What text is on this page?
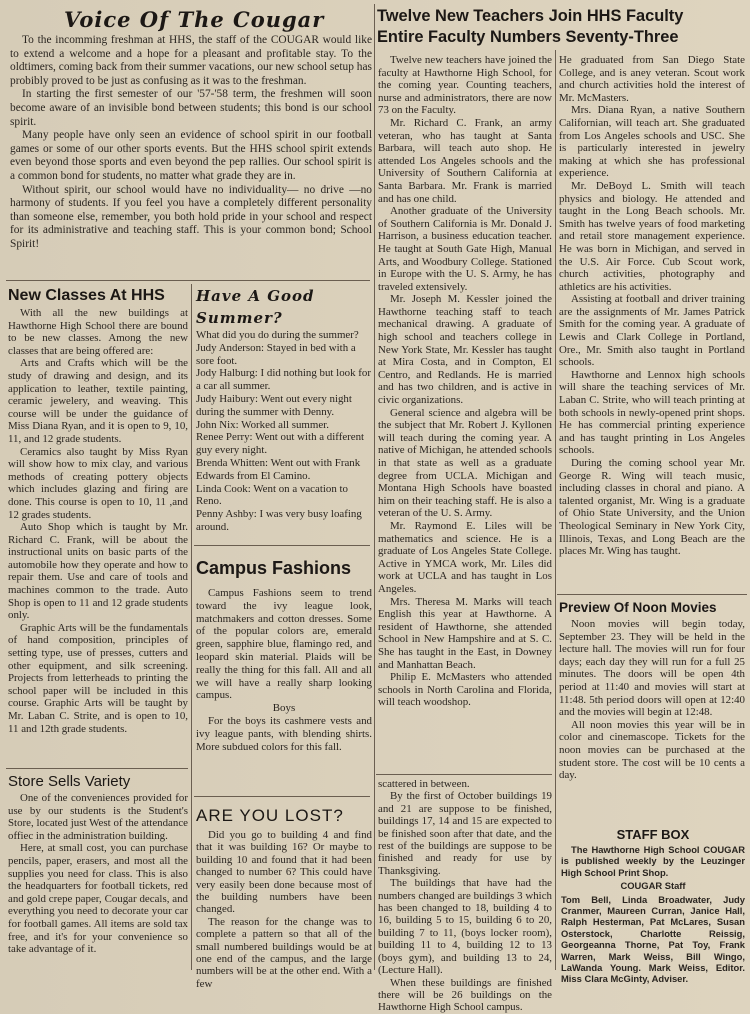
Voice Of The Cougar

To the incomming freshman at HHS, the staff of the COUGAR would like to extend a welcome and a hope for a pleasant and profitable stay. To the oldtimers, coming back from their summer vacations, our new school setup has probibly proved to be just as confusing as it was to the freshman.

In starting the first semester of our '57-'58 term, the freshmen will soon become aware of an invisible bond between students; this bond is our school spirit.

Many people have only seen an evidence of school spirit in our football games or some of our other sports events. But the HHS school spirit extends even beyond those sports and even beyond the pep rallies. Our school spirit is a common bond for students, no matter what grade they are in.

Without spirit, our school would have no individuality— no drive —no harmony of students. If you feel you have a completely different personality than someone else, remember, you both hold pride in your school and respect for its administrative and teaching staff. This is your common bond; School Spirit!

New Classes At HHS

With all the new buildings at Hawthorne High School there are bound to be new classes. Among the new classes that are being offered are:

Arts and Crafts which will be the study of drawing and design, and its application to leather, textile painting, ceramic jewelery, and weaving. This course will be under the guidance of Miss Diana Ryan, and it is open to 9, 10, 11, and 12 grade students.

Ceramics also taught by Miss Ryan will show how to mix clay, and various methods of creating pottery objects which includes glazing and firing are done. This course is open to 10, 11 ,and 12 grades students.

Auto Shop which is taught by Mr. Richard C. Frank, will be about the instructional units on basic parts of the automobile how they operate and how to repair them. Use and care of tools and machines common to the trade. Auto Shop is open to 11 and 12 grade students only.

Graphic Arts will be the fundamentals of hand composition, principles of setting type, use of presses, cutters and other equipment, and silk screening. Projects from letterheads to printing the school paper will be included in this course. Graphic Arts will be taught by Mr. Laban C. Strite, and is open to 10, 11 and 12th grade students.

Store Sells Variety

One of the conveniences provided for use by our students is the Student's Store, located just West of the attendance offiec in the administration building.

Here, at small cost, you can purchase pencils, paper, erasers, and most all the supplies you need for class. This is also the headquarters for football tickets, red and gold crepe paper, Cougar decals, and everything you need to decorate your car for football games. All items are sold tax free, and it's for your convenience so take advantage of it.

Have A Good Summer?
What did you do during the summer?
Judy Anderson: Stayed in bed with a sore foot.
Jody Halburg: I did nothing but look for a car all summer.
Judy Haibury: Went out every night during the summer with Denny.
John Nix: Worked all summer.
Renee Perry: Went out with a different guy every night.
Brenda Whitten: Went out with Frank Edwards from El Camino.
Linda Cook: Went on a vacation to Reno.
Penny Ashby: I was very busy loafing around.
Campus Fashions

Campus Fashions seem to trend toward the ivy league look, matchmakers and cotton dresses. Some of the popular colors are, emerald green, sapphire blue, flamingo red, and leopard skin material. Plaids will be really the thing for this fall. All and all we will have a really sharp looking campus.

Boys

For the boys its cashmere vests and ivy league pants, with blending shirts. More subdued colors for this fall.

ARE YOU LOST?

Did you go to building 4 and find that it was building 16? Or maybe to building 10 and found that it had been changed to number 6? This could have very easily been done because most of the building numbers have been changed.

The reason for the change was to complete a pattern so that all of the small numbered buildings would be at one end of the campus, and the large numbers will be at the other end. With a few

Twelve New Teachers Join HHS Faculty
Entire Faculty Numbers Seventy-Three

Twelve new teachers have joined the faculty at Hawthorne High School, for the coming year. Counting teachers, nurse and administrators, there are now 73 on the Faculty.

Mr. Richard C. Frank, an army veteran, who has taught at Santa Barbara, will teach auto shop. He attended Los Angeles schools and the University of Southern California at Santa Barbara. Mr. Frank is married and has one child.

Another graduate of the University of Southern California is Mr. Donald J. Harrison, a business education teacher. He taught at South Gate High, Manual Arts, and Woodbury College. Stationed in Europe with the U. S. Army, he has traveled extensively.

Mr. Joseph M. Kessler joined the Hawthorne teaching staff to teach mechanical drawing. A graduate of high school and teachers college in New York State, Mr. Kessler has taught at Mira Costa, and in Compton, El Centro, and Redlands. He is married and has two children, and is active in civic organizations.

General science and algebra will be the subject that Mr. Robert J. Kyllonen will teach during the coming year. A native of Michigan, he attended schools in that state as well as a graduate degree from UCLA. Michigan and Montana High Schools have boasted him on their teaching staff. He is also a veteran of the U. S. Army.

Mr. Raymond E. Liles will be mathematics and science. He is a graduate of Los Angeles State College. Active in YMCA work, Mr. Liles did work at UCLA and has taught in Los Angeles.

Mrs. Theresa M. Marks will teach English this year at Hawthorne. A resident of Hawthorne, she attended School in New Hampshire and at S. C. She has taught in the East, in Downey and Manhattan Beach.

Philip E. McMasters who attended schools in North Carolina and Florida, will teach woodshop.

scattered in between.

By the first of October buildings 19 and 21 are suppose to be finished, buildings 17, 14 and 15 are expected to be finished soon after that date, and the rest of the buildings are suppose to be finished and ready for use by Thanksgiving.

The buildings that have had the numbers changed are buildings 3 which has been changed to 18, building 4 to 16, building 5 to 15, building 6 to 20, building 7 to 11, (boys locker room), building 11 to 4, building 12 to 13 (boys gym), and building 13 to 24, (Lecture Hall).

When these buildings are finished there will be 26 buildings on the Hawthorne High School campus.

He graduated from San Diego State College, and is aney veteran. Scout work and church activities hold the interest of Mr. McMasters.

Mrs. Diana Ryan, a native Southern Californian, will teach art. She graduated from Los Angeles schools and USC. She is particularly interested in jewelry making at which she has professional experience.

Mr. DeBoyd L. Smith will teach physics and biology. He attended and taught in the Long Beach schools. Mr. Smith has twelve years of food marketing and retail store management experience. He was born in Michigan, and served in the U.S. Air Force. Cub Scout work, church activities, photography and athletics are his activities.

Assisting at football and driver training are the assignments of Mr. James Patrick Smith for the coming year. A graduate of Lewis and Clark College in Portland, Ore., Mr. Smith also taught in Portland schools.

Hawthorne and Lennox high schools will share the teaching services of Mr. Laban C. Strite, who will teach printing at both schools in newly-opened print shops. He has commercial printing experience and has taught printing in Los Angeles schools.

During the coming school year Mr. George R. Wing will teach music, including classes in choral and piano. A talented organist, Mr. Wing is a graduate of Ohio State University, and the Union Theological Seminary in New York City, Illinois, Texas, and Long Beach are the places Mr. Wing has taught.

Preview Of Noon Movies

Noon movies will begin today, September 23. They will be held in the lecture hall. The movies will run for four days; each day they will run for a full 25 minutes. The doors will be open 4th period at 11:40 and movies will start at 11:48. 5th period doors will open at 12:40 and the movies will begin at 12:48.

All noon movies this year will be in color and cinemascope. Tickets for the noon movies can be purchased at the student store. The cost will be 10 cents a day.

STAFF BOX
The Hawthorne High School COUGAR is published weekly by the Leuzinger High School Print Shop.
COUGAR Staff
Tom Bell, Linda Broadwater, Judy Cranmer, Maureen Curran, Janice Hall, Ralph Hesterman, Pat McLares, Susan Osterstock, Charlotte Reissig, Georgeanna Thorne, Pat Toy, Frank Warren, Mark Weiss, Bill Wingo, LaWanda Young. Mark Weiss, Editor. Miss Clara McGinty, Adviser.
